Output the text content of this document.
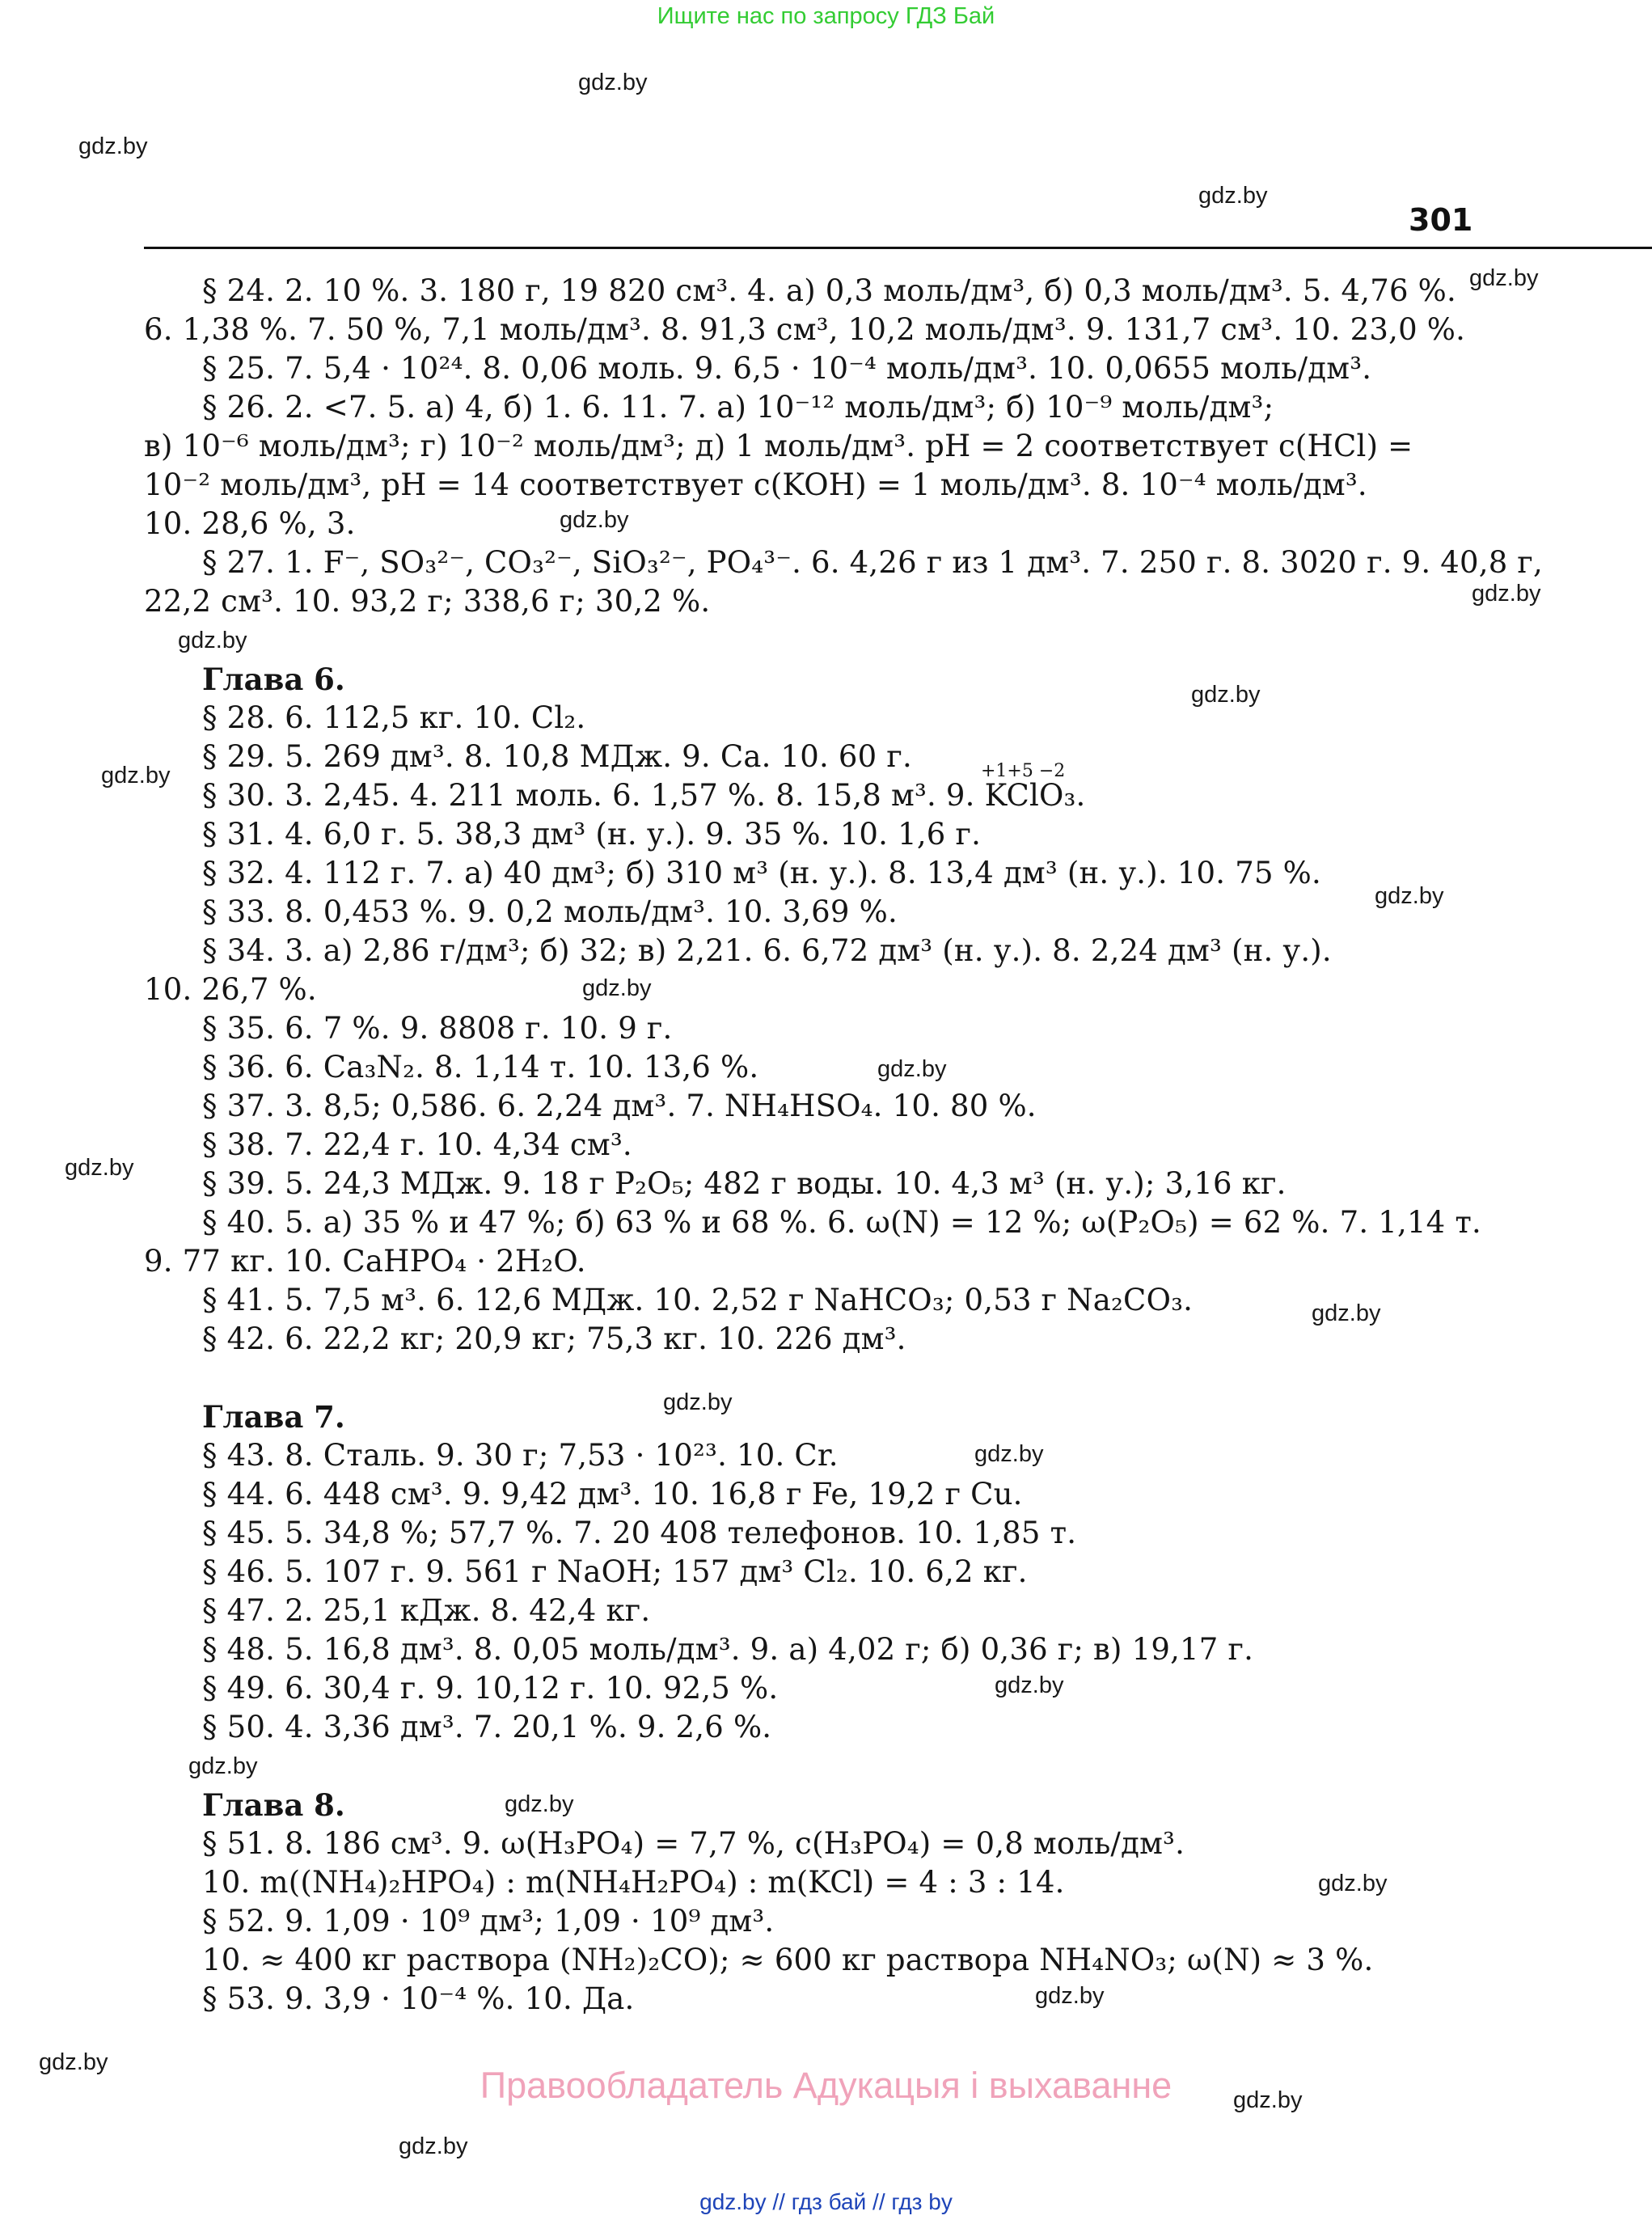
Ищите нас по запросу ГДЗ Бай
gdz.by
gdz.by
gdz.by
gdz.by
gdz.by
gdz.by
gdz.by
gdz.by
gdz.by
gdz.by
gdz.by
gdz.by
gdz.by
gdz.by
gdz.by
gdz.by
gdz.by
gdz.by
gdz.by
gdz.by
gdz.by
gdz.by
gdz.by
gdz.by
301
§ 24. 2. 10 %. 3. 180 г, 19 820 см³. 4. а) 0,3 моль/дм³, б) 0,3 моль/дм³. 5. 4,76 %.
6. 1,38 %. 7. 50 %, 7,1 моль/дм³. 8. 91,3 см³, 10,2 моль/дм³. 9. 131,7 см³. 10. 23,0 %.
§ 25. 7. 5,4 · 10²⁴. 8. 0,06 моль. 9. 6,5 · 10⁻⁴ моль/дм³. 10. 0,0655 моль/дм³.
§ 26. 2. <7. 5. а) 4, б) 1. 6. 11. 7. а) 10⁻¹² моль/дм³; б) 10⁻⁹ моль/дм³;
в) 10⁻⁶ моль/дм³; г) 10⁻² моль/дм³; д) 1 моль/дм³. pH = 2 соответствует c(HCl) =
10⁻² моль/дм³, pH = 14 соответствует c(KOH) = 1 моль/дм³. 8. 10⁻⁴ моль/дм³.
10. 28,6 %, 3.
§ 27. 1. F⁻, SO₃²⁻, CO₃²⁻, SiO₃²⁻, PO₄³⁻. 6. 4,26 г из 1 дм³. 7. 250 г. 8. 3020 г. 9. 40,8 г,
22,2 см³. 10. 93,2 г; 338,6 г; 30,2 %.
Глава 6.
§ 28. 6. 112,5 кг. 10. Cl₂.
§ 29. 5. 269 дм³. 8. 10,8 МДж. 9. Ca. 10. 60 г.	+1+5 −2
§ 30. 3. 2,45. 4. 211 моль. 6. 1,57 %. 8. 15,8 м³. 9. KClO₃.
§ 31. 4. 6,0 г. 5. 38,3 дм³ (н. у.). 9. 35 %. 10. 1,6 г.
§ 32. 4. 112 г. 7. а) 40 дм³; б) 310 м³ (н. у.). 8. 13,4 дм³ (н. у.). 10. 75 %.
§ 33. 8. 0,453 %. 9. 0,2 моль/дм³. 10. 3,69 %.
§ 34. 3. а) 2,86 г/дм³; б) 32; в) 2,21. 6. 6,72 дм³ (н. у.). 8. 2,24 дм³ (н. у.).
10. 26,7 %.
§ 35. 6. 7 %. 9. 8808 г. 10. 9 г.
§ 36. 6. Ca₃N₂. 8. 1,14 т. 10. 13,6 %.
§ 37. 3. 8,5; 0,586. 6. 2,24 дм³. 7. NH₄HSO₄. 10. 80 %.
§ 38. 7. 22,4 г. 10. 4,34 см³.
§ 39. 5. 24,3 МДж. 9. 18 г P₂O₅; 482 г воды. 10. 4,3 м³ (н. у.); 3,16 кг.
§ 40. 5. а) 35 % и 47 %; б) 63 % и 68 %. 6. ω(N) = 12 %; ω(P₂O₅) = 62 %. 7. 1,14 т.
9. 77 кг. 10. CaHPO₄ · 2H₂O.
§ 41. 5. 7,5 м³. 6. 12,6 МДж. 10. 2,52 г NaHCO₃; 0,53 г Na₂CO₃.
§ 42. 6. 22,2 кг; 20,9 кг; 75,3 кг. 10. 226 дм³.
Глава 7.
§ 43. 8. Сталь. 9. 30 г; 7,53 · 10²³. 10. Cr.
§ 44. 6. 448 см³. 9. 9,42 дм³. 10. 16,8 г Fe, 19,2 г Cu.
§ 45. 5. 34,8 %; 57,7 %. 7. 20 408 телефонов. 10. 1,85 т.
§ 46. 5. 107 г. 9. 561 г NaOH; 157 дм³ Cl₂. 10. 6,2 кг.
§ 47. 2. 25,1 кДж. 8. 42,4 кг.
§ 48. 5. 16,8 дм³. 8. 0,05 моль/дм³. 9. а) 4,02 г; б) 0,36 г; в) 19,17 г.
§ 49. 6. 30,4 г. 9. 10,12 г. 10. 92,5 %.
§ 50. 4. 3,36 дм³. 7. 20,1 %. 9. 2,6 %.
Глава 8.
§ 51. 8. 186 см³. 9. ω(H₃PO₄) = 7,7 %, c(H₃PO₄) = 0,8 моль/дм³.
10. m((NH₄)₂HPO₄) : m(NH₄H₂PO₄) : m(KCl) = 4 : 3 : 14.
§ 52. 9. 1,09 · 10⁹ дм³; 1,09 · 10⁹ дм³.
10. ≈ 400 кг раствора (NH₂)₂CO); ≈ 600 кг раствора NH₄NO₃; ω(N) ≈ 3 %.
§ 53. 9. 3,9 · 10⁻⁴ %. 10. Да.
Правообладатель Адукацыя і выхаванне
gdz.by // гдз бай // гдз by
